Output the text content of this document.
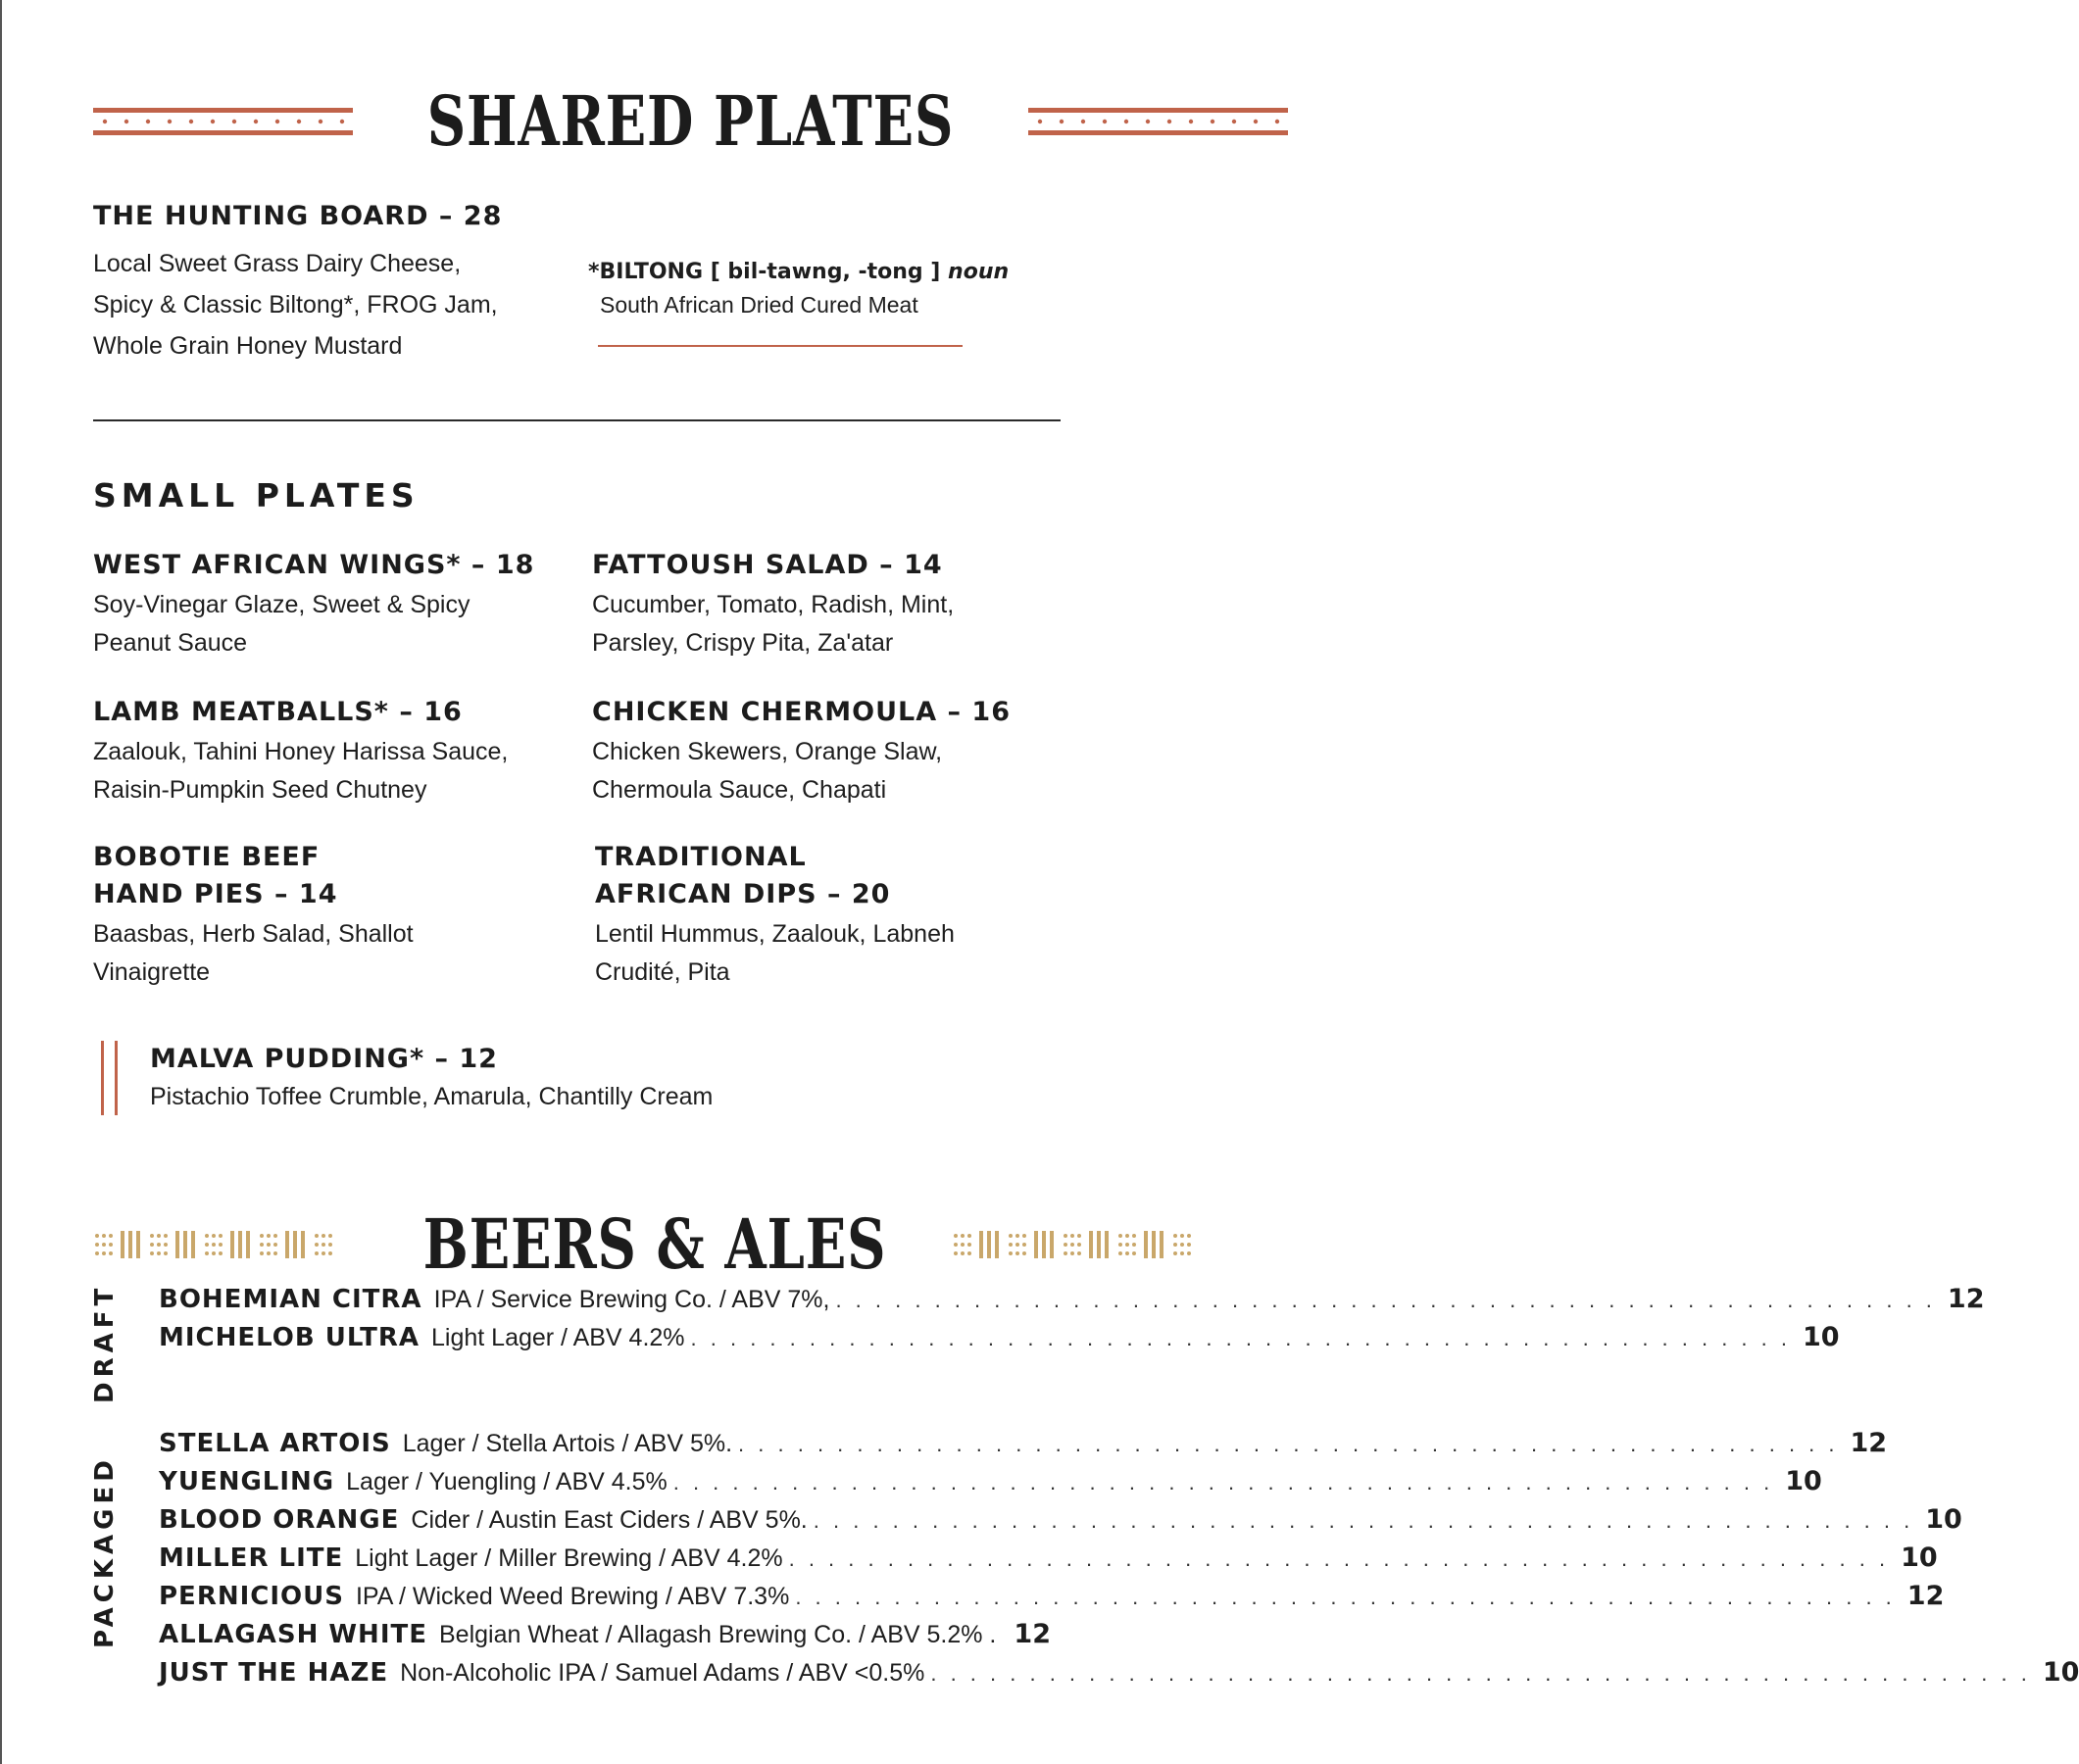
SHARED PLATES
THE HUNTING BOARD – 28
Local Sweet Grass Dairy Cheese,
Spicy & Classic Biltong*, FROG Jam,
Whole Grain Honey Mustard
*BILTONG [ bil-tawng, -tong ] noun
South African Dried Cured Meat
SMALL PLATES
WEST AFRICAN WINGS* – 18
Soy-Vinegar Glaze, Sweet & Spicy
Peanut Sauce
FATTOUSH SALAD – 14
Cucumber, Tomato, Radish, Mint,
Parsley, Crispy Pita, Za'atar
LAMB MEATBALLS* – 16
Zaalouk, Tahini Honey Harissa Sauce,
Raisin-Pumpkin Seed Chutney
CHICKEN CHERMOULA – 16
Chicken Skewers, Orange Slaw,
Chermoula Sauce, Chapati
BOBOTIE BEEF
HAND PIES – 14
Baasbas, Herb Salad, Shallot
Vinaigrette
TRADITIONAL
AFRICAN DIPS – 20
Lentil Hummus, Zaalouk, Labneh
Crudité, Pita
MALVA PUDDING* – 12
Pistachio Toffee Crumble, Amarula, Chantilly Cream
BEERS & ALES
DRAFT
PACKAGED
BOHEMIAN CITRA IPA / Service Brewing Co. / ABV 7%, . . . . . . . . . . . . . . . . . . . . . . . . . . . . . . . . . . . . . . . . . . . . . . . . . . . . . . . . 12
MICHELOB ULTRA Light Lager / ABV 4.2% . . . . . . . . . . . . . . . . . . . . . . . . . . . . . . . . . . . . . . . . . . . . . . . . . . . . . . . . 10
STELLA ARTOIS Lager / Stella Artois / ABV 5%. . . . . . . . . . . . . . . . . . . . . . . . . . . . . . . . . . . . . . . . . . . . . . . . . . . . . . . . . 12
YUENGLING Lager / Yuengling / ABV 4.5% . . . . . . . . . . . . . . . . . . . . . . . . . . . . . . . . . . . . . . . . . . . . . . . . . . . . . . . . 10
BLOOD ORANGE Cider / Austin East Ciders / ABV 5%. . . . . . . . . . . . . . . . . . . . . . . . . . . . . . . . . . . . . . . . . . . . . . . . . . . . . . . . . 10
MILLER LITE Light Lager / Miller Brewing / ABV 4.2% . . . . . . . . . . . . . . . . . . . . . . . . . . . . . . . . . . . . . . . . . . . . . . . . . . . . . . . . 10
PERNICIOUS IPA / Wicked Weed Brewing / ABV 7.3% . . . . . . . . . . . . . . . . . . . . . . . . . . . . . . . . . . . . . . . . . . . . . . . . . . . . . . . . 12
ALLAGASH WHITE Belgian Wheat / Allagash Brewing Co. / ABV 5.2% . 12
JUST THE HAZE Non-Alcoholic IPA / Samuel Adams / ABV <0.5% . . . . . . . . . . . . . . . . . . . . . . . . . . . . . . . . . . . . . . . . . . . . . . . . . . . . . . . . 10
